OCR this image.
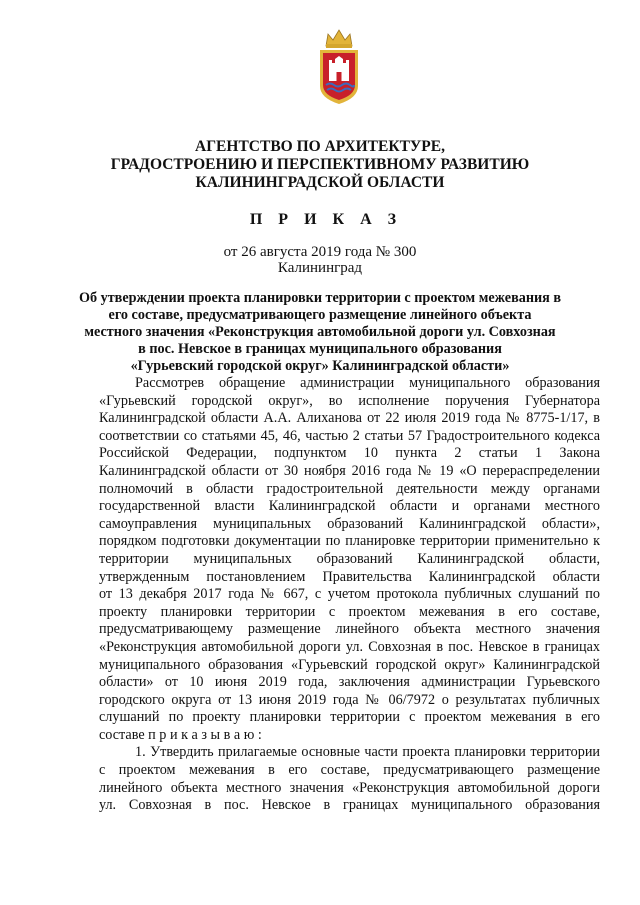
АГЕНТСТВО ПО АРХИТЕКТУРЕ,
ГРАДОСТРОЕНИЮ И ПЕРСПЕКТИВНОМУ РАЗВИТИЮ
КАЛИНИНГРАДСКОЙ ОБЛАСТИ
П Р И К А З
от 26 августа 2019 года № 300
Калининград
Об утверждении проекта планировки территории с проектом межевания в
его составе, предусматривающего размещение линейного объекта
местного значения «Реконструкция автомобильной дороги ул. Совхозная
в пос. Невское в границах муниципального образования
«Гурьевский городской округ» Калининградской области»
Рассмотрев обращение администрации муниципального образования
«Гурьевский городской округ», во исполнение поручения Губернатора
Калининградской области А.А. Алиханова от 22 июля 2019 года № 8775-1/17, в
соответствии со статьями 45, 46, частью 2 статьи 57 Градостроительного кодекса
Российской Федерации, подпунктом 10 пункта 2 статьи 1 Закона
Калининградской области от 30 ноября 2016 года № 19 «О перераспределении
полномочий в области градостроительной деятельности между органами
государственной власти Калининградской области и органами местного
самоуправления муниципальных образований Калининградской области»,
порядком подготовки документации по планировке территории применительно к
территории муниципальных образований Калининградской области,
утвержденным постановлением Правительства Калининградской области
от 13 декабря 2017 года № 667, с учетом протокола публичных слушаний по
проекту планировки территории с проектом межевания в его составе,
предусматривающему размещение линейного объекта местного значения
«Реконструкция автомобильной дороги ул. Совхозная в пос. Невское в границах
муниципального образования «Гурьевский городской округ» Калининградской
области» от 10 июня 2019 года, заключения администрации Гурьевского
городского округа от 13 июня 2019 года № 06/7972 о результатах публичных
слушаний по проекту планировки территории с проектом межевания в его
составе п р и к а з ы в а ю :
1. Утвердить прилагаемые основные части проекта планировки территории
с проектом межевания в его составе, предусматривающего размещение
линейного объекта местного значения «Реконструкция автомобильной дороги
ул. Совхозная в пос. Невское в границах муниципального образования
